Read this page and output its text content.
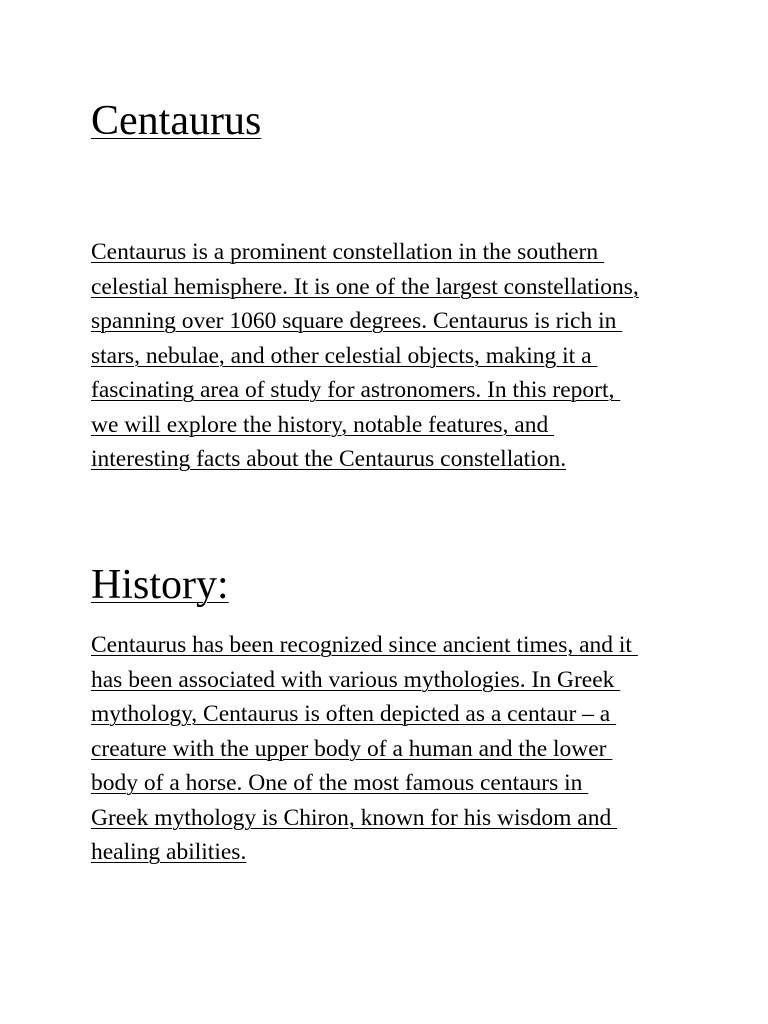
Centaurus

Centaurus is a prominent constellation in the southern
celestial hemisphere. It is one of the largest constellations,
spanning over 1060 square degrees. Centaurus is rich in
stars, nebulae, and other celestial objects, making it a
fascinating area of study for astronomers. In this report,
we will explore the history, notable features, and
interesting facts about the Centaurus constellation.

History:

Centaurus has been recognized since ancient times, and it
has been associated with various mythologies. In Greek
mythology, Centaurus is often depicted as a centaur – a
creature with the upper body of a human and the lower
body of a horse. One of the most famous centaurs in
Greek mythology is Chiron, known for his wisdom and
healing abilities.
